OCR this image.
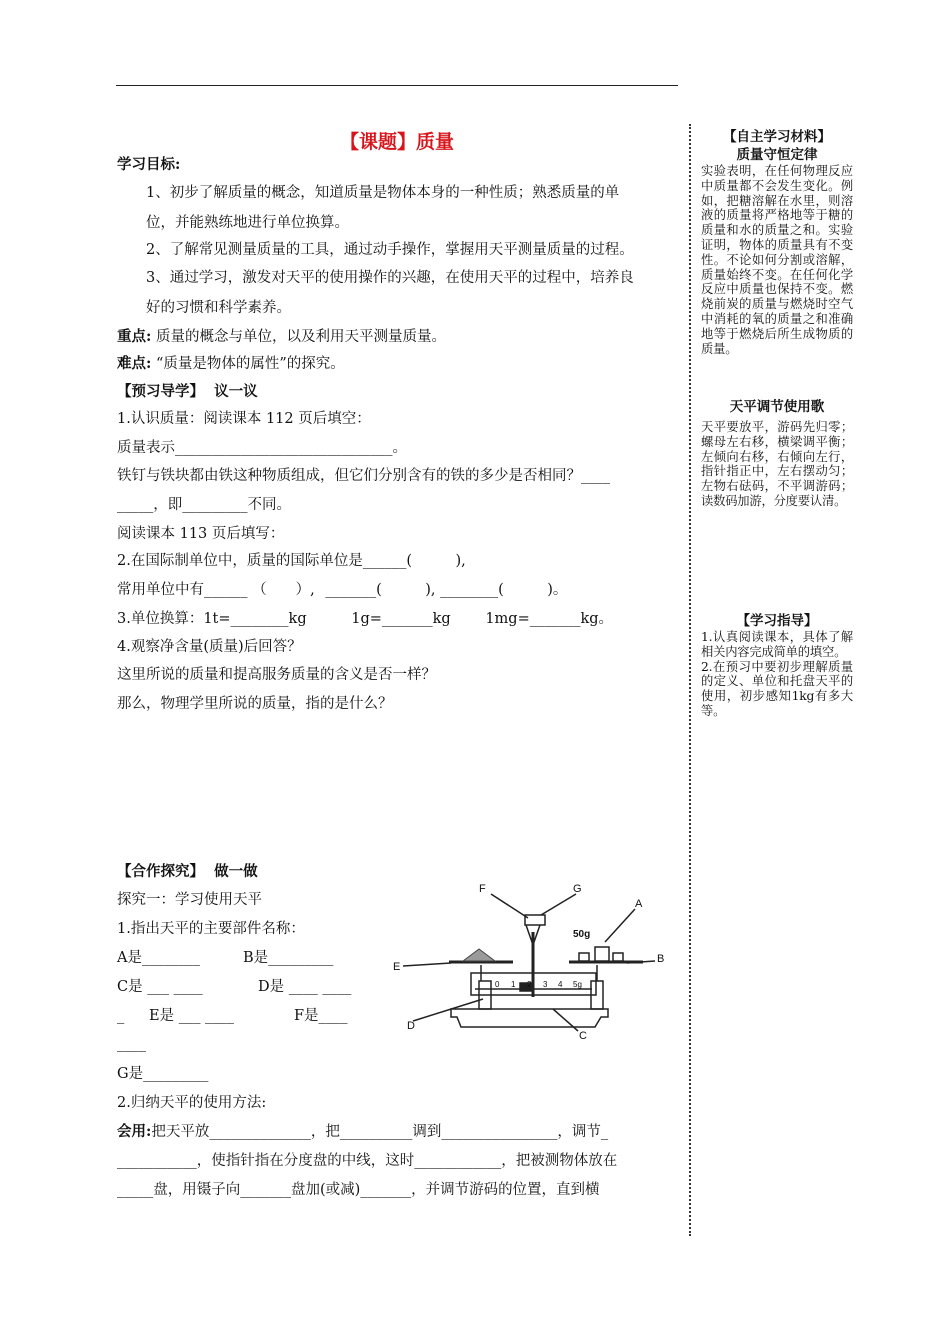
【课题】质量
学习目标:
1、初步了解质量的概念，知道质量是物体本身的一种性质；熟悉质量的单
位，并能熟练地进行单位换算。
2、了解常见测量质量的工具，通过动手操作，掌握用天平测量质量的过程。
3、通过学习，激发对天平的使用操作的兴趣，在使用天平的过程中，培养良
好的习惯和科学素养。
重点: 质量的概念与单位，以及利用天平测量质量。
难点: “质量是物体的属性”的探究。
【预习导学】 议一议
1.认识质量：阅读课本 112 页后填空：
质量表示______________________________。
铁钉与铁块都由铁这种物质组成，但它们分别含有的铁的多少是否相同？____
_____，即_________不同。
阅读课本 113 页后填写：
2.在国际制单位中，质量的国际单位是______(　　　),
常用单位中有______ （　　）, _______(　　　), ________(　　　)。
3.单位换算：1t=________kg	1g=_______kg 1mg=_______kg。
4.观察净含量(质量)后回答？
这里所说的质量和提高服务质量的含义是否一样？
那么，物理学里所说的质量，指的是什么？
【合作探究】 做一做
探究一：学习使用天平
1.指出天平的主要部件名称：
A是________	B是_________
C是 ___ ____	D是 ____ ____
_ E是 ___ ____	F是____
____
G是_________
2.归纳天平的使用方法:
会用:把天平放______________，把__________调到________________，调节_
___________，使指针指在分度盘的中线，这时____________，把被测物体放在
_____盘，用镊子向_______盘加(或减)_______，并调节游码的位置，直到横
F	G
A
E
B
D
C
50g
0 1 2 3 4 5g
【自主学习材料】
质量守恒定律
实验表明，在任何物理反应中质量都不会发生变化。例如，把糖溶解在水里，则溶液的质量将严格地等于糖的质量和水的质量之和。实验证明，物体的质量具有不变性。不论如何分割或溶解，质量始终不变。在任何化学反应中质量也保持不变。燃烧前炭的质量与燃烧时空气中消耗的氧的质量之和准确地等于燃烧后所生成物质的质量。
天平调节使用歌
天平要放平，游码先归零；螺母左右移，横梁调平衡；左倾向右移，右倾向左行，指针指正中，左右摆动匀；左物右砝码，不平调游码；读数码加游，分度要认清。
【学习指导】
1.认真阅读课本，具体了解相关内容完成简单的填空。
2.在预习中要初步理解质量的定义、单位和托盘天平的使用，初步感知1kg有多大等。
